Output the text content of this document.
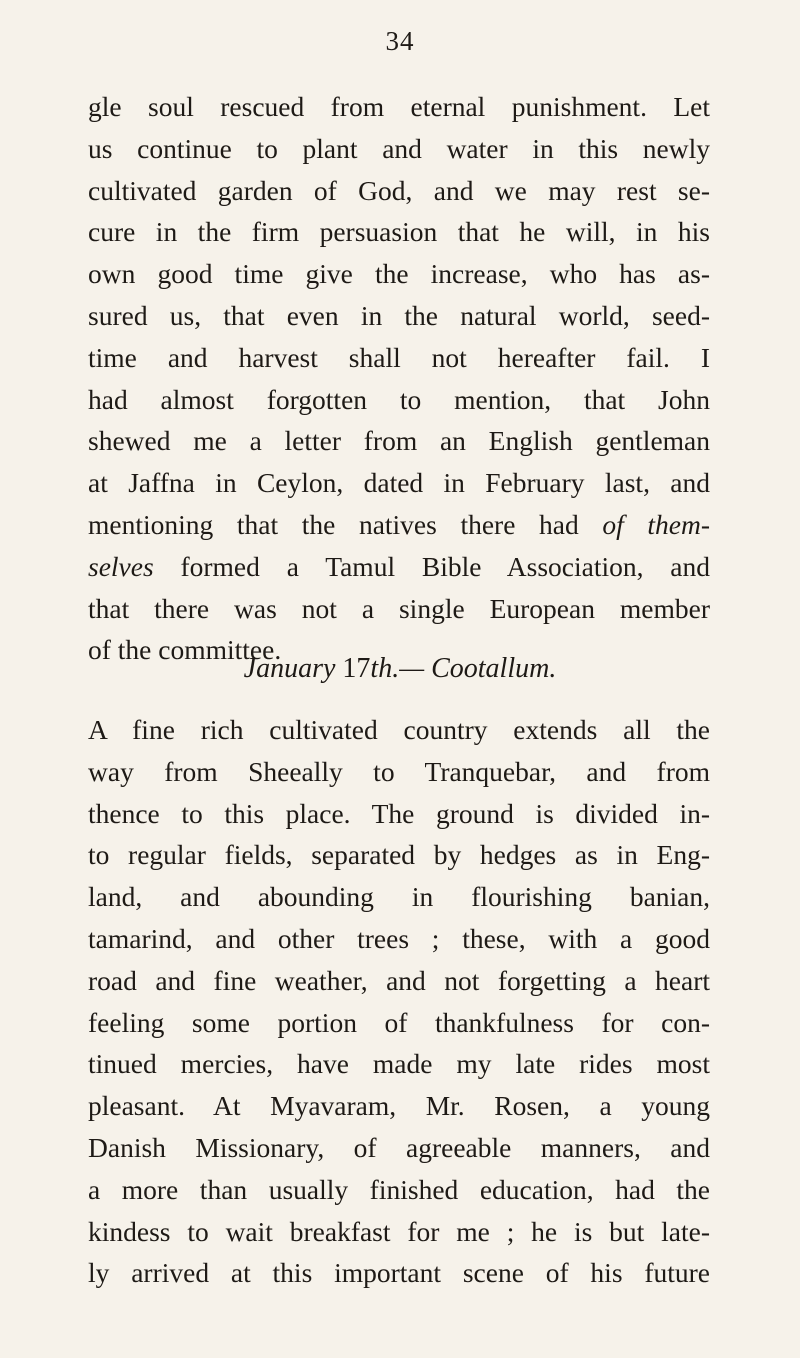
34
gle soul rescued from eternal punishment. Let
us continue to plant and water in this newly
cultivated garden of God, and we may rest se-
cure in the firm persuasion that he will, in his
own good time give the increase, who has as-
sured us, that even in the natural world, seed-
time and harvest shall not hereafter fail. I
had almost forgotten to mention, that John
shewed me a letter from an English gentleman
at Jaffna in Ceylon, dated in February last, and
mentioning that the natives there had of them-
selves formed a Tamul Bible Association, and
that there was not a single European member
of the committee.
January 17th.— Cootallum.
A fine rich cultivated country extends all the
way from Sheeally to Tranquebar, and from
thence to this place. The ground is divided in-
to regular fields, separated by hedges as in Eng-
land, and abounding in flourishing banian,
tamarind, and other trees ; these, with a good
road and fine weather, and not forgetting a heart
feeling some portion of thankfulness for con-
tinued mercies, have made my late rides most
pleasant. At Myavaram, Mr. Rosen, a young
Danish Missionary, of agreeable manners, and
a more than usually finished education, had the
kindess to wait breakfast for me ; he is but late-
ly arrived at this important scene of his future
